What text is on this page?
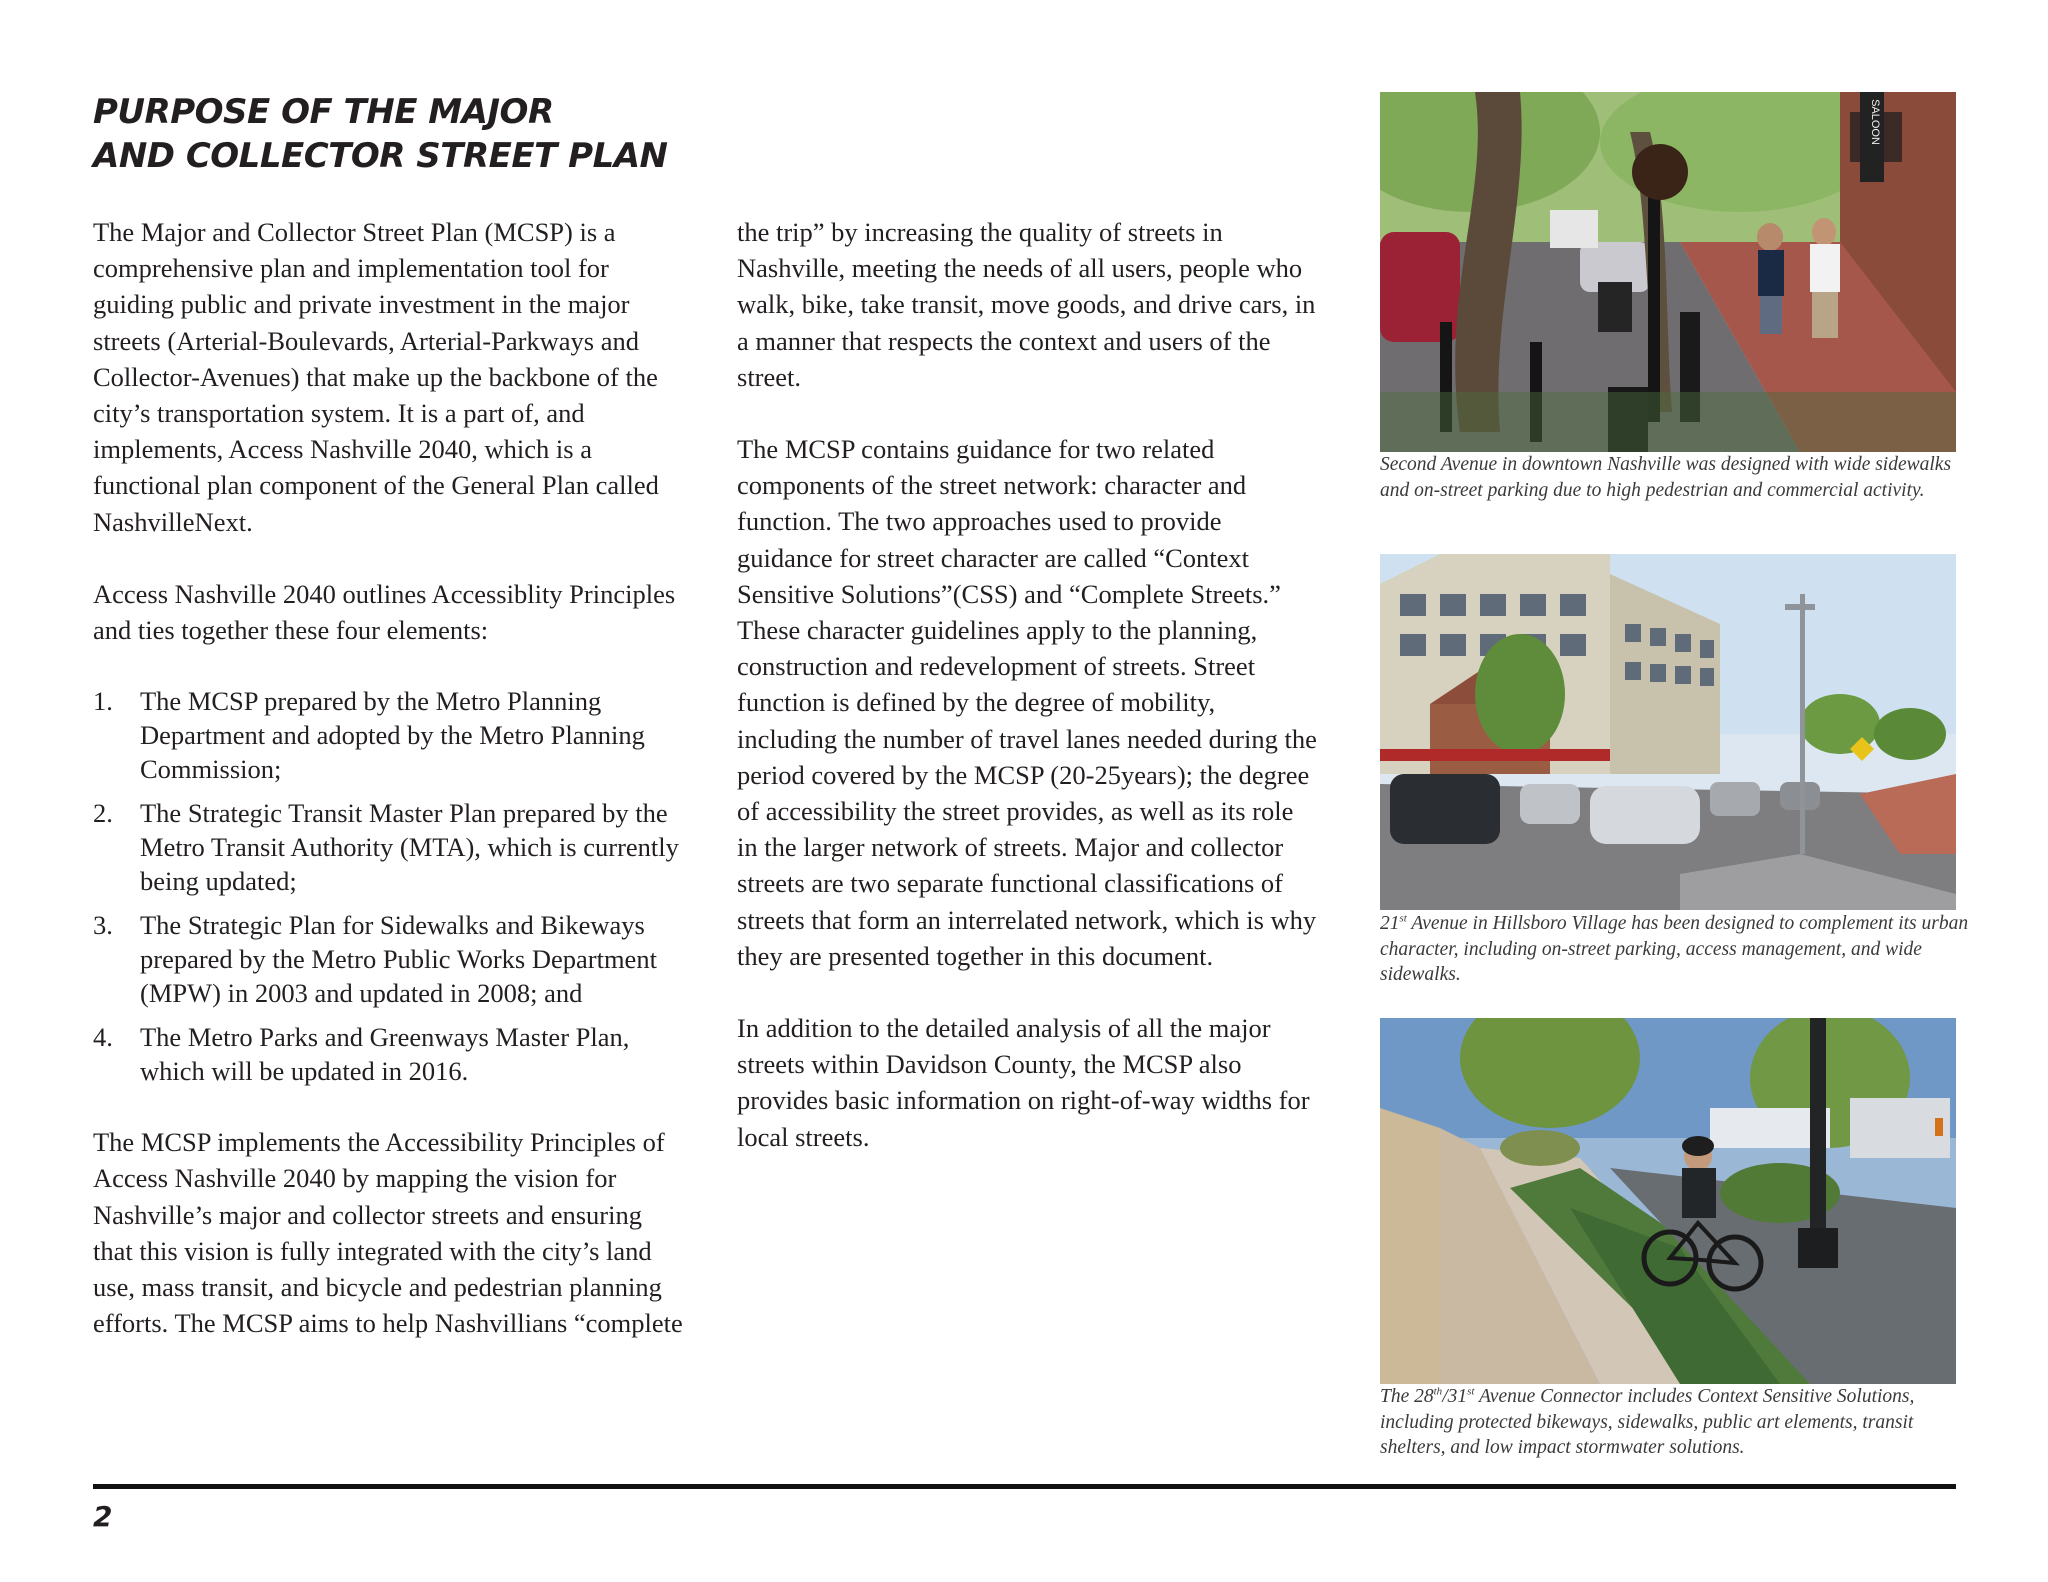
PURPOSE OF THE MAJOR
AND COLLECTOR STREET PLAN

The Major and Collector Street Plan (MCSP) is a comprehensive plan and implementation tool for guiding public and private investment in the major streets (Arterial-Boulevards, Arterial-Parkways and Collector-Avenues) that make up the backbone of the city’s transportation system. It is a part of, and implements, Access Nashville 2040, which is a functional plan component of the General Plan called NashvilleNext.

Access Nashville 2040 outlines Accessiblity Principles and ties together these four elements:

1.	The MCSP prepared by the Metro Planning Department and adopted by the Metro Planning Commission;
2.	The Strategic Transit Master Plan prepared by the Metro Transit Authority (MTA), which is currently being updated;
3.	The Strategic Plan for Sidewalks and Bikeways prepared by the Metro Public Works Department (MPW) in 2003 and updated in 2008; and
4.	The Metro Parks and Greenways Master Plan, which will be updated in 2016.

The MCSP implements the Accessibility Principles of Access Nashville 2040 by mapping the vision for Nashville’s major and collector streets and ensuring that this vision is fully integrated with the city’s land use, mass transit, and bicycle and pedestrian planning efforts. The MCSP aims to help Nashvillians “complete

the trip” by increasing the quality of streets in Nashville, meeting the needs of all users, people who walk, bike, take transit, move goods, and drive cars, in a manner that respects the context and users of the street.

The MCSP contains guidance for two related components of the street network: character and function. The two approaches used to provide guidance for street character are called “Context Sensitive Solutions”(CSS) and “Complete Streets.” These character guidelines apply to the planning, construction and redevelopment of streets. Street function is defined by the degree of mobility, including the number of travel lanes needed during the period covered by the MCSP (20-25years); the degree of accessibility the street provides, as well as its role in the larger network of streets. Major and collector streets are two separate functional classifications of streets that form an interrelated network, which is why they are presented together in this document.

In addition to the detailed analysis of all the major streets within Davidson County, the MCSP also provides basic information on right-of-way widths for local streets.

SALOON
Second Avenue in downtown Nashville was designed with wide sidewalks and on-street parking due to high pedestrian and commercial activity.
21st Avenue in Hillsboro Village has been designed to complement its urban character, including on-street parking, access management, and wide sidewalks.
The 28th/31st Avenue Connector includes Context Sensitive Solutions, including protected bikeways, sidewalks, public art elements, transit shelters, and low impact stormwater solutions.
2
